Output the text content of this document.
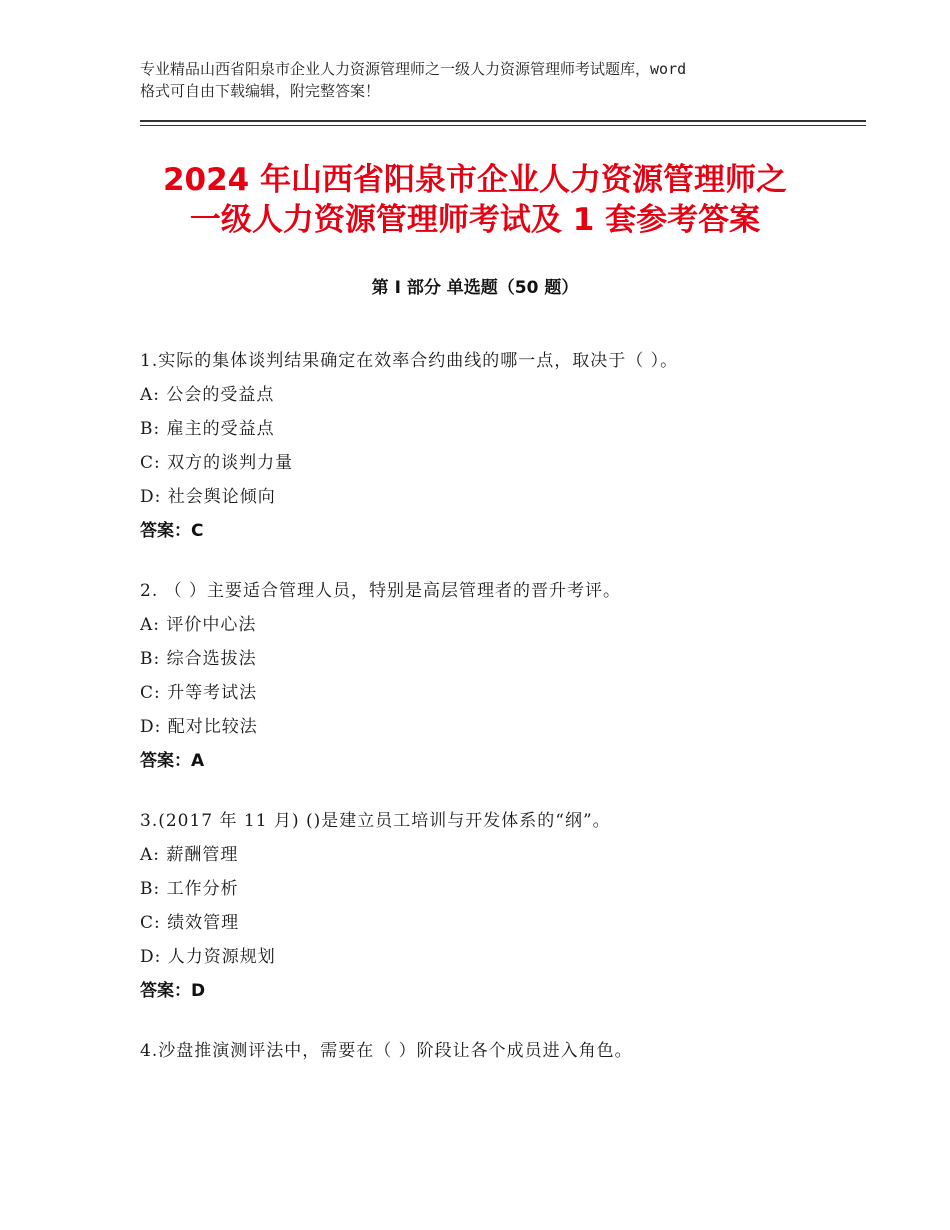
专业精品山西省阳泉市企业人力资源管理师之一级人力资源管理师考试题库，word
格式可自由下载编辑，附完整答案！
2024 年山西省阳泉市企业人力资源管理师之
一级人力资源管理师考试及 1 套参考答案
第 I 部分 单选题（50 题）
1.实际的集体谈判结果确定在效率合约曲线的哪一点，取决于（ ）。
A: 公会的受益点
B: 雇主的受益点
C: 双方的谈判力量
D: 社会舆论倾向
答案：C
2. （ ）主要适合管理人员，特别是高层管理者的晋升考评。
A: 评价中心法
B: 综合选拔法
C: 升等考试法
D: 配对比较法
答案：A
3.(2017 年 11 月) ()是建立员工培训与开发体系的“纲”。
A: 薪酬管理
B: 工作分析
C: 绩效管理
D: 人力资源规划
答案：D
4.沙盘推演测评法中，需要在（ ）阶段让各个成员进入角色。
